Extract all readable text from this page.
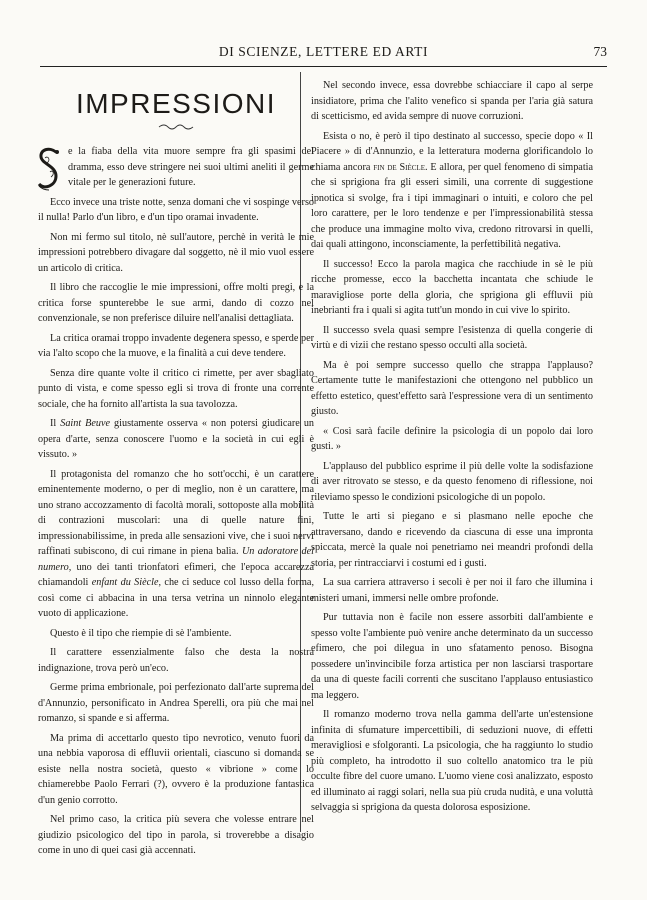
DI SCIENZE, LETTERE ED ARTI	73
IMPRESSIONI

e la fiaba della vita muore sempre fra gli spasimi del dramma, esso deve stringere nei suoi ultimi aneliti il germe vitale per le generazioni future.

Ecco invece una triste notte, senza domani che vi sospinge verso il nulla! Parlo d'un libro, e d'un tipo oramai invadente.

Non mi fermo sul titolo, nè sull'autore, perchè in verità le mie impressioni potrebbero divagare dal soggetto, nè il mio vuol essere un articolo di critica.

Il libro che raccoglie le mie impressioni, offre molti pregi, e la critica forse spunterebbe le sue armi, dando di cozzo nel convenzionale, se non preferisce diluire nell'analisi dettagliata.

La critica oramai troppo invadente degenera spesso, e sperde per via l'alto scopo che la muove, e la finalità a cui deve tendere.

Senza dire quante volte il critico ci rimette, per aver sbagliato punto di vista, e come spesso egli si trova di fronte una corrente sociale, che ha fornito all'artista la sua tavolozza.

Il Saint Beuve giustamente osserva « non potersi giudicare un opera d'arte, senza conoscere l'uomo e la società in cui egli è vissuto. »

Il protagonista del romanzo che ho sott'occhi, è un carattere eminentemente moderno, o per di meglio, non è un carattere, ma uno strano accozzamento di facoltà morali, sottoposte alla mobilità di contrazioni muscolari: una di quelle nature fini, impressionabilissime, in preda alle sensazioni vive, che i suoi nervi raffinati subiscono, di cui rimane in piena balìa. Un adoratore del numero, uno dei tanti trionfatori efimeri, che l'epoca accarezza chiamandoli enfant du Siècle, che ci seduce col lusso della forma, così come ci abbacina in una tersa vetrina un ninnolo elegante vuoto di applicazione.

Questo è il tipo che riempie di sè l'ambiente.

Il carattere essenzialmente falso che desta la nostra indignazione, trova però un'eco.

Germe prima embrionale, poi perfezionato dall'arte suprema del d'Annunzio, personificato in Andrea Sperelli, ora più che mai nel romanzo, si spande e si afferma.

Ma prima di accettarlo questo tipo nevrotico, venuto fuori da una nebbia vaporosa di effluvii orientali, ciascuno si domanda se esiste nella nostra società, questo « vibrione » come lo chiamerebbe Paolo Ferrari (?), ovvero è la produzione fantastica d'un genio corrotto.

Nel primo caso, la critica più severa che volesse entrare nel giudizio psicologico del tipo in parola, si troverebbe a disagio come in uno di quei casi già accennati.

Nel secondo invece, essa dovrebbe schiacciare il capo al serpe insidiatore, prima che l'alito venefico si spanda per l'aria già satura di scetticismo, ed avida sempre di nuove corruzioni.

Esista o no, è però il tipo destinato al successo, specie dopo « Il Piacere » di d'Annunzio, e la letteratura moderna glorificandolo lo chiama ancora fin de Siècle. E allora, per quel fenomeno di simpatia che si sprigiona fra gli esseri simili, una corrente di suggestione ipnotica si svolge, fra i tipi immaginari o intuiti, e coloro che pel loro carattere, per le loro tendenze e per l'impressionabilità stessa che produce una immagine molto viva, credono ritrovarsi in quelli, dai quali attingono, inconsciamente, la perfettibilità negativa.

Il successo! Ecco la parola magica che racchiude in sè le più ricche promesse, ecco la bacchetta incantata che schiude le maravigliose porte della gloria, che sprigiona gli effluvii più inebrianti fra i quali si agita tutt'un mondo in cui vive lo spirito.

Il successo svela quasi sempre l'esistenza di quella congerie di virtù e di vizii che restano spesso occulti alla società.

Ma è poi sempre successo quello che strappa l'applauso? Certamente tutte le manifestazioni che ottengono nel pubblico un effetto estetico, quest'effetto sarà l'espressione vera di un sentimento giusto.

« Così sarà facile definire la psicologia di un popolo dai loro gusti. »

L'applauso del pubblico esprime il più delle volte la sodisfazione di aver ritrovato se stesso, e da questo fenomeno di riflessione, noi rileviamo spesso le condizioni psicologiche di un popolo.

Tutte le arti si piegano e si plasmano nelle epoche che attraversano, dando e ricevendo da ciascuna di esse una impronta spiccata, mercè la quale noi penetriamo nei meandri profondi della storia, per rintracciarvi i costumi ed i gusti.

La sua carriera attraverso i secoli è per noi il faro che illumina i misteri umani, immersi nelle ombre profonde.

Pur tuttavia non è facile non essere assorbiti dall'ambiente e spesso volte l'ambiente può venire anche determinato da un successo efimero, che poi dilegua in uno sfatamento penoso. Bisogna possedere un'invincibile forza artistica per non lasciarsi trasportare da una di queste facili correnti che suscitano l'applauso entusiastico ma leggero.

Il romanzo moderno trova nella gamma dell'arte un'estensione infinita di sfumature impercettibili, di seduzioni nuove, di effetti meravigliosi e sfolgoranti. La psicologia, che ha raggiunto lo studio più completo, ha introdotto il suo coltello anatomico tra le più occulte fibre del cuore umano. L'uomo viene così analizzato, esposto ed illuminato ai raggi solari, nella sua più cruda nudità, e una voluttà selvaggia si sprigiona da questa dolorosa esposizione.
